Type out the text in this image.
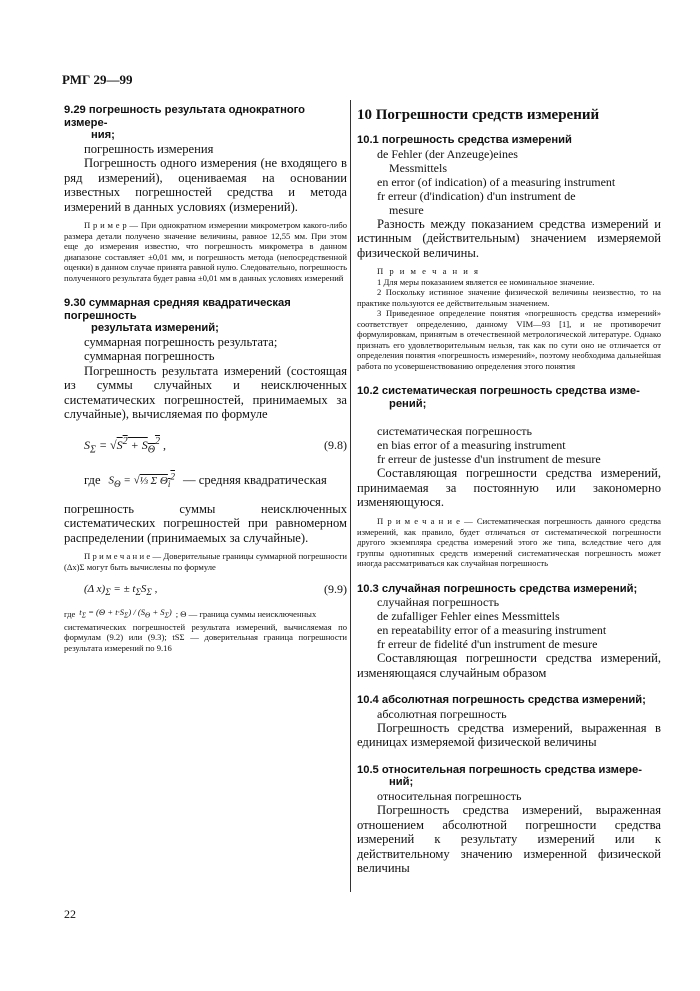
РМГ 29—99
9.29 погрешность результата однократного измере-
ния;
погрешность измерения
Погрешность одного измерения (не входящего в ряд измерений), оцениваемая на основании известных погрешностей средства и метода измерений в данных условиях (измерений).
П р и м е р — При однократном измерении микрометром какого-либо размера детали получено значение величины, равное 12,55 мм. При этом еще до измерения известно, что погрешность микрометра в данном диапазоне составляет ±0,01 мм, и погрешность метода (непосредственной оценки) в данном случае принята равной нулю. Следовательно, погрешность полученного результата будет равна ±0,01 мм в данных условиях измерений
9.30 суммарная средняя квадратическая погрешность
результата измерений;
суммарная погрешность результата;
суммарная погрешность
Погрешность результата измерений (состоящая из суммы случайных и неисключенных систематических погрешностей, принимаемых за случайные), вычисляемая по формуле
$S_\Sigma = √S^2 + S_\Theta^2$ ,	(9.8)
где $S_\Theta$ = √⅓ Σ $\Theta_i^2$ — средняя квадратическая
погрешность суммы неисключенных систематических погрешностей при равномерном распределении (принимаемых за случайные).
П р и м е ч а н и е — Доверительные границы суммарной погрешности (Δx)Σ могут быть вычислены по формуле
(Δ $x)_\Sigma$ = ± $t_\Sigma S_\Sigma$ ,	(9.9)
где $t_\Sigma = (\Theta + t\cdot S_\Sigma) / (S_\Theta + S_\Sigma)$ ; Θ — граница суммы неисключенных
систематических погрешностей результата измерений, вычисляемая по формулам (9.2) или (9.3); tSΣ — доверительная граница погрешности результата измерений по 9.16
10 Погрешности средств измерений
10.1 погрешность средства измерений
de Fehler (der Anzeuge)eines
Messmittels
en error (of indication) of a measuring instrument
fr erreur (d'indication) d'un instrument de
mesure
Разность между показанием средства измерений и истинным (действительным) значением измеряемой физической величины.
П р и м е ч а н и я
1 Для меры показанием является ее номинальное значение.
2 Поскольку истинное значение физической величины неизвестно, то на практике пользуются ее действительным значением.
3 Приведенное определение понятия «погрешность средства измерений» соответствует определению, данному VIM—93 [1], и не противоречит формулировкам, принятым в отечественной метрологической литературе. Однако признать его удовлетворительным нельзя, так как по сути оно не отличается от определения понятия «погрешность измерений», поэтому необходима дальнейшая работа по усовершенствованию определения этого понятия
10.2 систематическая погрешность средства изме-
рений;
систематическая погрешность
en bias error of a measuring instrument
fr erreur de justesse d'un instrument de mesure
Составляющая погрешности средства измерений, принимаемая за постоянную или закономерно изменяющуюся.
П р и м е ч а н и е — Систематическая погрешность данного средства измерений, как правило, будет отличаться от систематической погрешности другого экземпляра средства измерений этого же типа, вследствие чего для группы однотипных средств измерений систематическая погрешность может иногда рассматриваться как случайная погрешность
10.3 случайная погрешность средства измерений;
случайная погрешность
de zufalliger Fehler eines Messmittels
en repeatability error of a measuring instrument
fr erreur de fidelité d'un instrument de mesure
Составляющая погрешности средства измерений, изменяющаяся случайным образом
10.4 абсолютная погрешность средства измерений;
абсолютная погрешность
Погрешность средства измерений, выраженная в единицах измеряемой физической величины
10.5 относительная погрешность средства измере-
ний;
относительная погрешность
Погрешность средства измерений, выраженная отношением абсолютной погрешности средства измерений к результату измерений или к действительному значению измеренной физической величины
22
